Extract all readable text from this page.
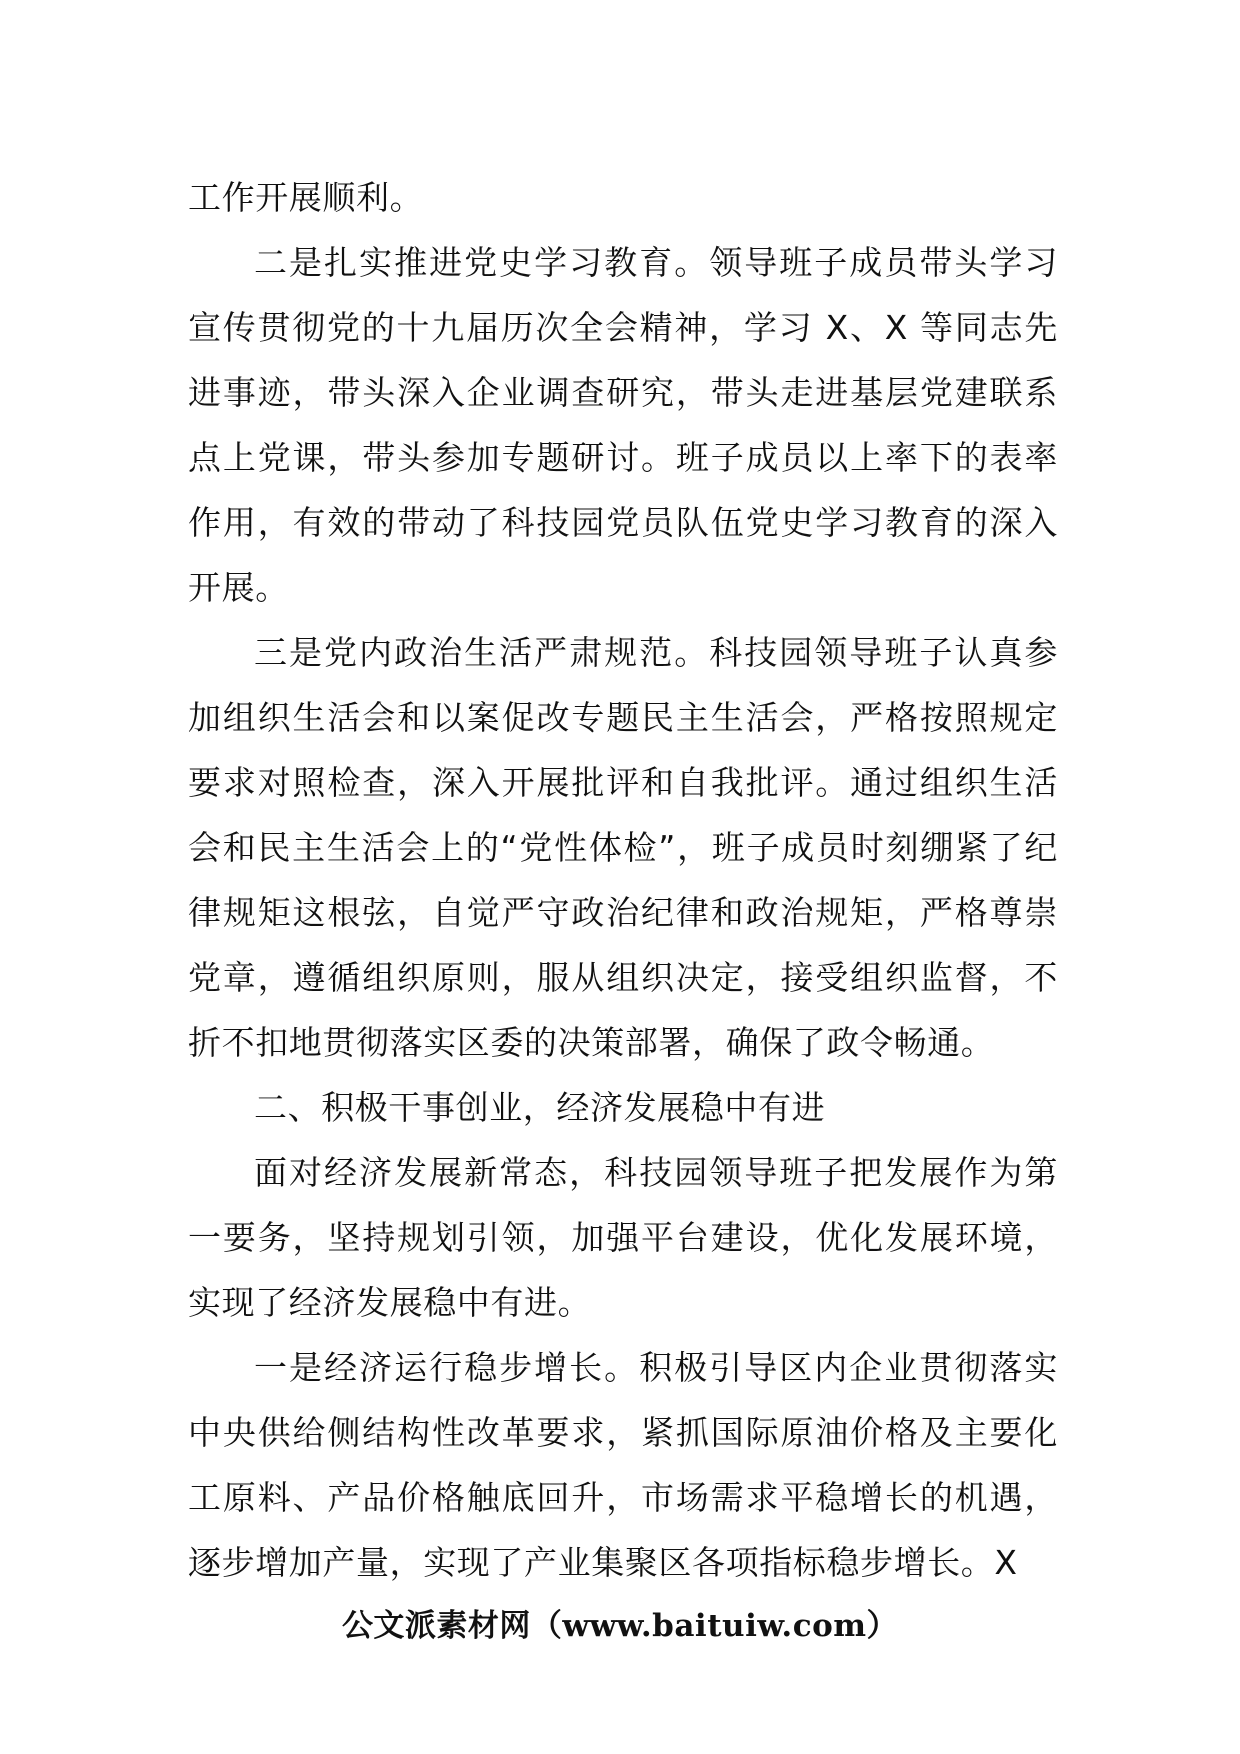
工作开展顺利。

二是扎实推进党史学习教育。领导班子成员带头学习宣传贯彻党的十九届历次全会精神，学习 X、X 等同志先进事迹，带头深入企业调查研究，带头走进基层党建联系点上党课，带头参加专题研讨。班子成员以上率下的表率作用，有效的带动了科技园党员队伍党史学习教育的深入开展。

三是党内政治生活严肃规范。科技园领导班子认真参加组织生活会和以案促改专题民主生活会，严格按照规定要求对照检查，深入开展批评和自我批评。通过组织生活会和民主生活会上的“党性体检”，班子成员时刻绷紧了纪律规矩这根弦，自觉严守政治纪律和政治规矩，严格尊崇党章，遵循组织原则，服从组织决定，接受组织监督，不折不扣地贯彻落实区委的决策部署，确保了政令畅通。

二、积极干事创业，经济发展稳中有进

面对经济发展新常态，科技园领导班子把发展作为第一要务，坚持规划引领，加强平台建设，优化发展环境，实现了经济发展稳中有进。

一是经济运行稳步增长。积极引导区内企业贯彻落实中央供给侧结构性改革要求，紧抓国际原油价格及主要化工原料、产品价格触底回升，市场需求平稳增长的机遇，逐步增加产量，实现了产业集聚区各项指标稳步增长。X

公文派素材网（www.baituiw.com）
